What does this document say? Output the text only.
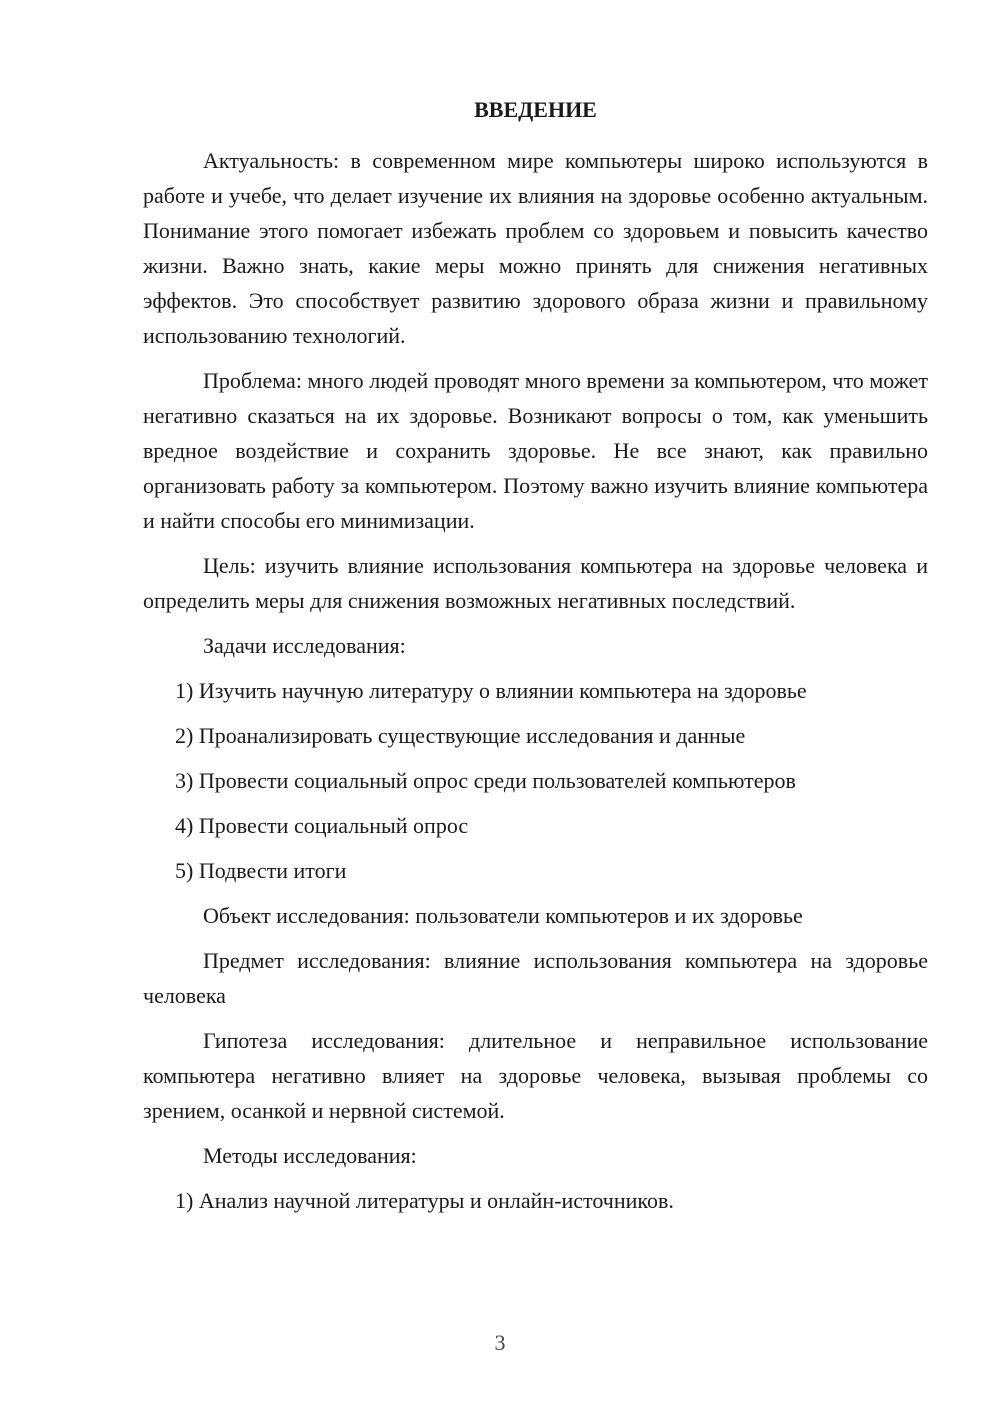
ВВЕДЕНИЕ

Актуальность: в современном мире компьютеры широко используются в работе и учебе, что делает изучение их влияния на здоровье особенно актуальным. Понимание этого помогает избежать проблем со здоровьем и повысить качество жизни. Важно знать, какие меры можно принять для снижения негативных эффектов. Это способствует развитию здорового образа жизни и правильному использованию технологий.

Проблема: много людей проводят много времени за компьютером, что может негативно сказаться на их здоровье. Возникают вопросы о том, как уменьшить вредное воздействие и сохранить здоровье. Не все знают, как правильно организовать работу за компьютером. Поэтому важно изучить влияние компьютера и найти способы его минимизации.

Цель: изучить влияние использования компьютера на здоровье человека и определить меры для снижения возможных негативных последствий.

Задачи исследования:

1) Изучить научную литературу о влиянии компьютера на здоровье
2) Проанализировать существующие исследования и данные
3) Провести социальный опрос среди пользователей компьютеров
4) Провести социальный опрос
5) Подвести итоги

Объект исследования: пользователи компьютеров и их здоровье

Предмет исследования: влияние использования компьютера на здоровье человека

Гипотеза исследования: длительное и неправильное использование компьютера негативно влияет на здоровье человека, вызывая проблемы со зрением, осанкой и нервной системой.

Методы исследования:

1) Анализ научной литературы и онлайн-источников.
3
